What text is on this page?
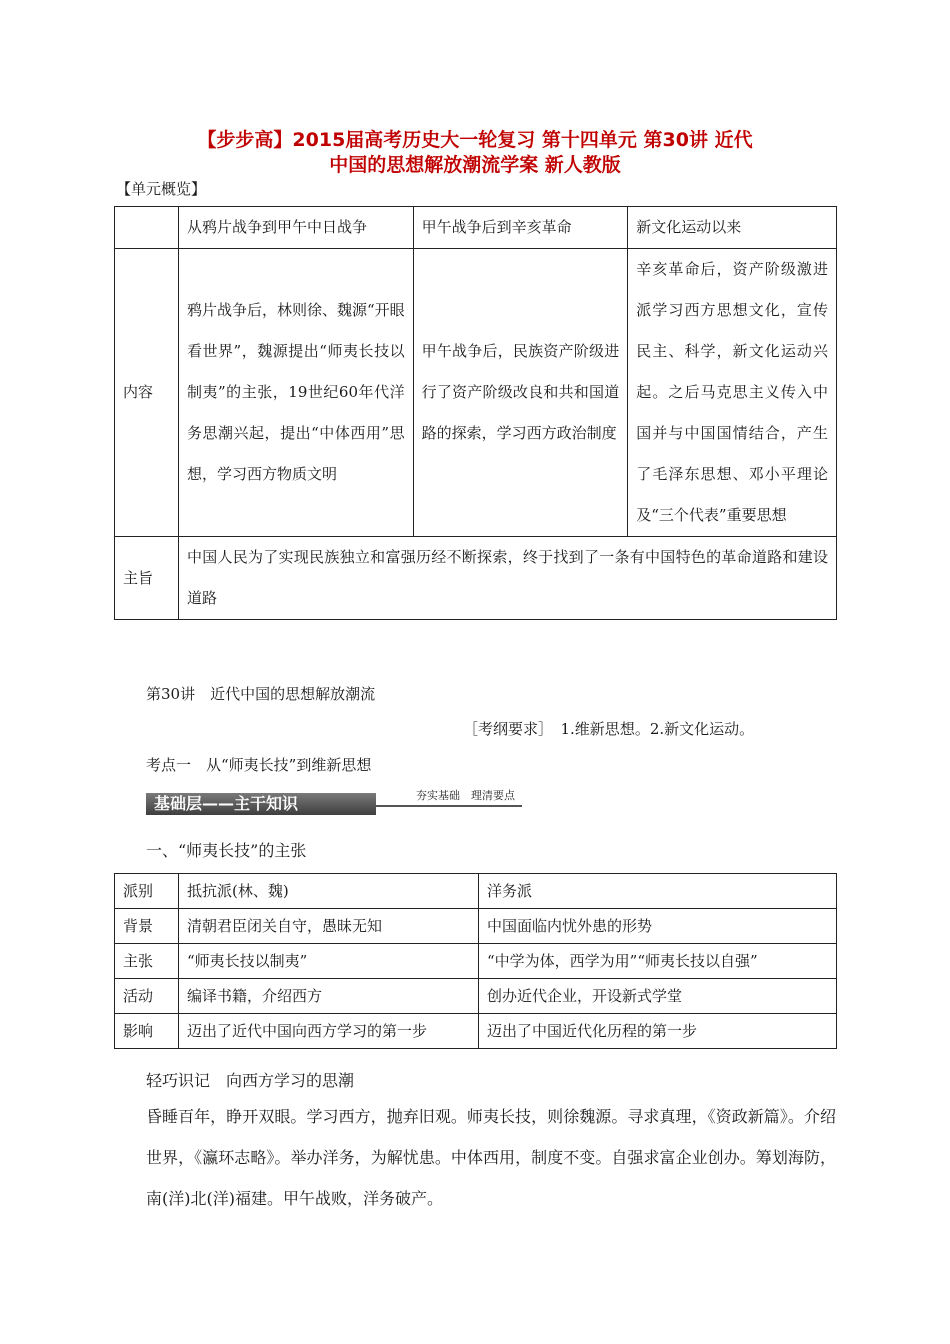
【步步高】2015届高考历史大一轮复习 第十四单元 第30讲 近代
中国的思想解放潮流学案 新人教版
【单元概览】
	从鸦片战争到甲午中日战争	甲午战争后到辛亥革命	新文化运动以来
内容	鸦片战争后，林则徐、魏源“开眼看世界”，魏源提出“师夷长技以制夷”的主张，19世纪60年代洋务思潮兴起，提出“中体西用”思想，学习西方物质文明	甲午战争后，民族资产阶级进行了资产阶级改良和共和国道路的探索，学习西方政治制度	辛亥革命后，资产阶级激进派学习西方思想文化，宣传民主、科学，新文化运动兴起。之后马克思主义传入中国并与中国国情结合，产生了毛泽东思想、邓小平理论及“三个代表”重要思想
主旨	中国人民为了实现民族独立和富强历经不断探索，终于找到了一条有中国特色的革命道路和建设道路		
第30讲　近代中国的思想解放潮流
［考纲要求］　1.维新思想。2.新文化运动。
考点一　从“师夷长技”到维新思想
基础层——主干知识	夯实基础　理清要点
一、“师夷长技”的主张
派别	抵抗派(林、魏)	洋务派
背景	清朝君臣闭关自守，愚昧无知	中国面临内忧外患的形势
主张	“师夷长技以制夷”	“中学为体，西学为用”“师夷长技以自强”
活动	编译书籍，介绍西方	创办近代企业，开设新式学堂
影响	迈出了近代中国向西方学习的第一步	迈出了中国近代化历程的第一步
轻巧识记　向西方学习的思潮
昏睡百年，睁开双眼。学习西方，抛弃旧观。师夷长技，则徐魏源。寻求真理，《资政新篇》。介绍世界，《瀛环志略》。举办洋务，为解忧患。中体西用，制度不变。自强求富企业创办。筹划海防，南(洋)北(洋)福建。甲午战败，洋务破产。
